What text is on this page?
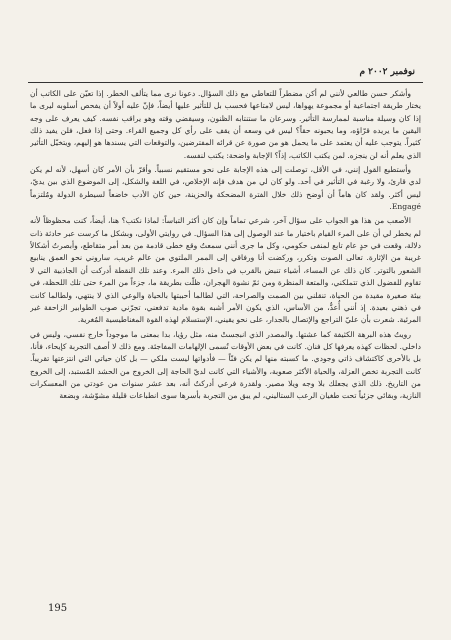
نوفمبر ٢٠٠٢ م

وأشكر حسن طالعي لأنني لم أكن مضطراً للتعاطي مع ذلك السؤال. دعونا نرى مما يتألف الخطر. إذا تعيّن على الكاتب أن يختار طريقة اجتماعية أو مجموعة يهواها، ليس لامتاعها فحسب بل للتأثير عليها أيضاً، فإنّ عليه أولاً أن يفحص أسلوبه ليرى ما إذا كان وسيلة مناسبة لممارسة التأثير. وسرعان ما ستنتابه الظنون، وسيقضي وقته وهو يراقب نفسه. كيف يعرف على وجه اليقين ما يريده قرّاؤه، وما يحبونه حقاً؟ ليس في وسعه أن يقف على رأي كل وجميع القراء. وحتى إذا فعل، فلن يفيد ذلك كثيراً. يتوجب عليه أن يعتمد على ما يحمل هو من صورة عن قرائه المفترضين، والتوقعات التي يسندها هو إليهم، ويتخيّل التأثير الذي يعلم أنه لن ينجزه. لمن يكتب الكاتب، إذاً؟ الإجابة واضحة: يكتب لنفسه.

وأستطيع القول إنني، في الأقل، توصلت إلى هذه الإجابة على نحو مستقيم نسبياً. وأقرّ بأن الأمر كان أسهل، لأنه لم يكن لدي قارئ، ولا رغبة في التأثير في أحد. ولو كان لي من هدف فإنه الإخلاص، في اللغة والشكل، إلى الموضوع الذي بين يديّ، ليس أكثر. ولقد كان هاماً أن أوضح ذلك خلال الفترة المضحكة والحزينة، حين كان الأدب خاضعاً لسيطرة الدولة ومُلتزماً Engagé.

الأصعب من هذا هو الجواب على سؤال آخر، شرعي تماماً وإن كان أكثر التباساً: لماذا نكتب؟ هنا، أيضاً، كنت محظوظاً لأنه لم يخطر لي أن على المرء القيام باختيار ما عند الوصول إلى هذا السؤال. في روايتي الأولى، وبشكل ما كرست عبر حادثة ذات دلالة، وقعت في حدٍ عام تابع لمنفى حكومي، وكل ما جرى أنني سمعتُ وقع خطى قادمة من بعد أمر متقاطع، وأبصرتُ أشكالاً غريبة من الإثارة. تعالى الصوت وتكرر، وركضت أنا ورفاقي إلى الممر الملتوي من عالم غريب، ساروني نحو العمق ينابيع الشعور بالتوتر. كان ذلك عن المساء، أشياء تنبض بالقرب في داخل ذلك المرء. وعند تلك النقطة أدركت أن الجاذبية التي لا تقاوم للفضول الذي تتملكني، والمتعة المنظرة ومن ثمّ نشوة الهجران، ظلّت بطريقة ما، جزءاً من المرء حتى تلك اللحظة، في بيئة صغيرة مقيدة من الحياة، تنقلني بين الصمت والصراحة، التي لطالما أحببتها بالحياة والوعي الذي لا ينتهي، ولطالما كانت في ذهني بعيدة. إذ أنني أُعدُّ، من الأساس، الذي يكون الأمر أشبه بقوة مادية تدفعني، تجرّني صوب الطوابير الزاحفة غير المرئية. شعرت بأن عليّ التراجع والإتصال بالجدار، على نحو يقيني، الإستسلام لهذه القوة المغناطيسية المُغرية.

رويتُ هذه البرهة الكثيفة كما عشتها. والمصدر الذي انبجستْ منه، مثل رؤيا، بدا بمعنى ما موجوداً خارج نفسي، وليس في داخلي. لحظات كهذه يعرفها كل فنان. كانت في بعض الأوقات تُسمى الإلهامات المفاجئة. ومع ذلك لا أصف التجربة كإيحاء، فأنا، بل بالأحرى كاكتشاف ذاتي وجودي. ما كسبته منها لم يكن فنّاً — فأدواتها ليست ملكي — بل كان حياتي التي انتزعتها تقريباً. كانت التجربة تخص العزلة، والحياة الأكثر صعوبة، والأشياء التي كانت لديّ الحاجة إلى الخروج من الحشد المُستبد، إلى الخروج من التاريخ. ذلك الذي يجعلك بلا وجه ويلا مصير. ولقدرة فرعي أدركتُ أنه، بعد عشر سنوات من عودتي من المعسكرات النازية، وبقائي جزئياً تحت طغيان الرعب الستاليني، لم يبق من التجربة بأسرها سوى انطباعات قليلة مشوّشة، وبضعة

195
